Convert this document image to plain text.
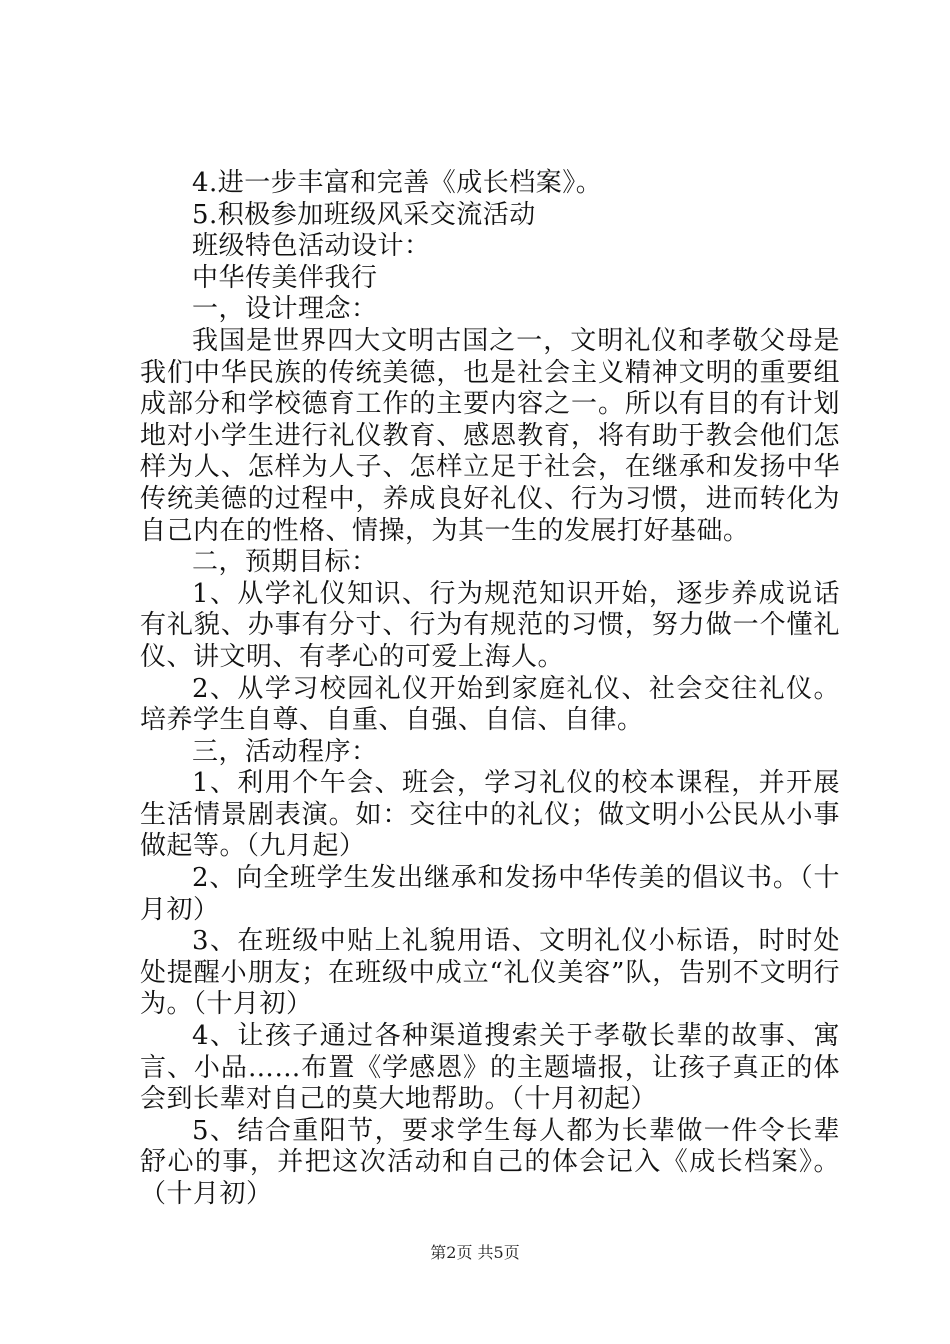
4.进一步丰富和完善《成长档案》。

5.积极参加班级风采交流活动

班级特色活动设计：

中华传美伴我行

一，设计理念：

我国是世界四大文明古国之一，文明礼仪和孝敬父母是我们中华民族的传统美德，也是社会主义精神文明的重要组成部分和学校德育工作的主要内容之一。所以有目的有计划地对小学生进行礼仪教育、感恩教育，将有助于教会他们怎样为人、怎样为人子、怎样立足于社会，在继承和发扬中华传统美德的过程中，养成良好礼仪、行为习惯，进而转化为自己内在的性格、情操，为其一生的发展打好基础。

二，预期目标：

1、从学礼仪知识、行为规范知识开始，逐步养成说话有礼貌、办事有分寸、行为有规范的习惯，努力做一个懂礼仪、讲文明、有孝心的可爱上海人。

2、从学习校园礼仪开始到家庭礼仪、社会交往礼仪。培养学生自尊、自重、自强、自信、自律。

三，活动程序：

1、利用个午会、班会，学习礼仪的校本课程，并开展生活情景剧表演。如：交往中的礼仪；做文明小公民从小事做起等。（九月起）

2、向全班学生发出继承和发扬中华传美的倡议书。（十月初）

3、在班级中贴上礼貌用语、文明礼仪小标语，时时处处提醒小朋友；在班级中成立“礼仪美容”队，告别不文明行为。（十月初）

4、让孩子通过各种渠道搜索关于孝敬长辈的故事、寓言、小品……布置《学感恩》的主题墙报，让孩子真正的体会到长辈对自己的莫大地帮助。（十月初起）

5、结合重阳节，要求学生每人都为长辈做一件令长辈舒心的事，并把这次活动和自己的体会记入《成长档案》。（十月初）

第2页 共5页
